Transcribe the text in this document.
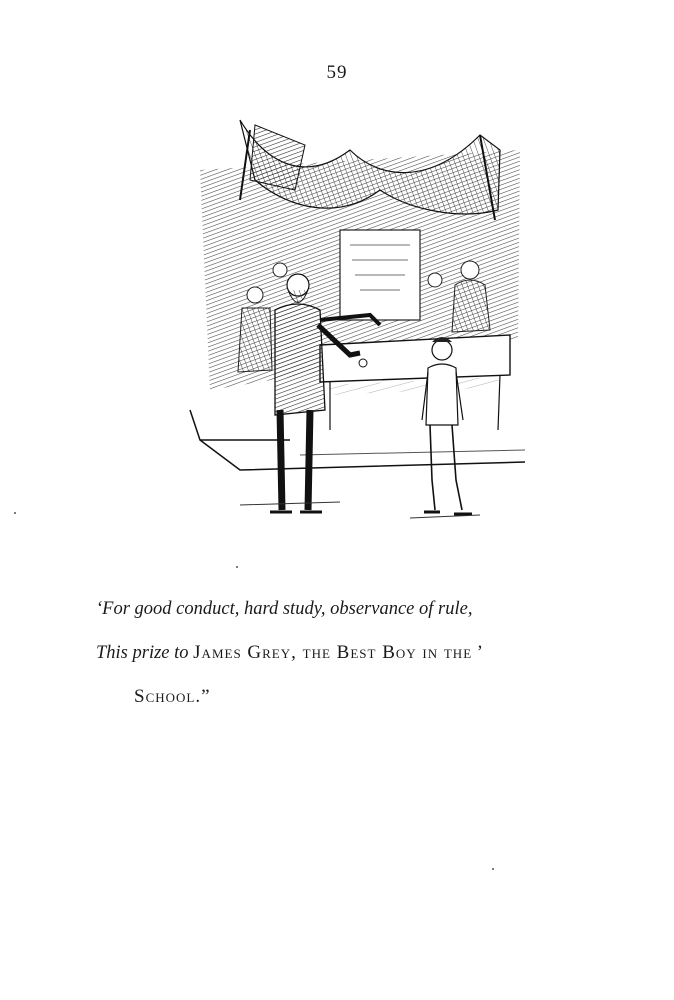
59
‘For good conduct, hard study, observance of rule,
This prize to James Grey, the Best Boy in the ’
School.”
